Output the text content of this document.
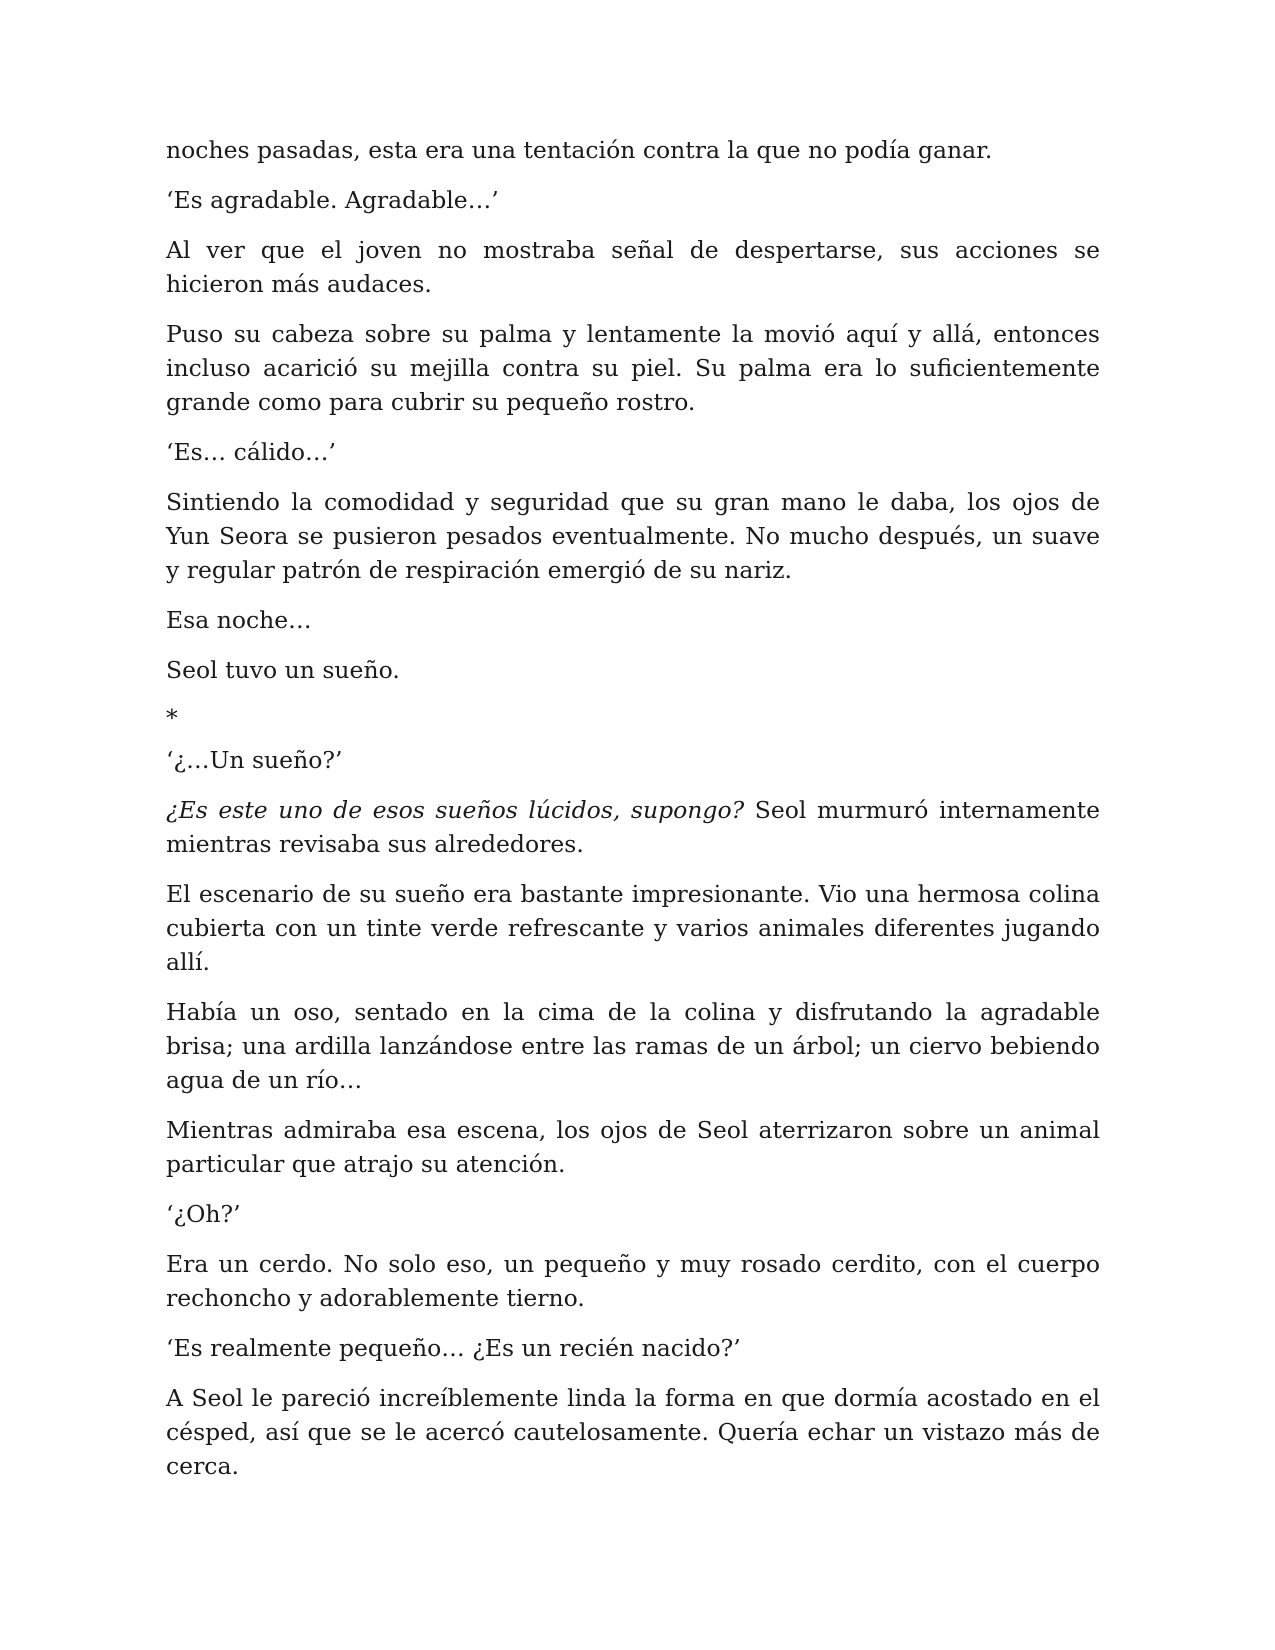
noches pasadas, esta era una tentación contra la que no podía ganar.

‘Es agradable. Agradable…’

Al ver que el joven no mostraba señal de despertarse, sus acciones se hicieron más audaces.

Puso su cabeza sobre su palma y lentamente la movió aquí y allá, entonces incluso acarició su mejilla contra su piel. Su palma era lo suficientemente grande como para cubrir su pequeño rostro.

‘Es… cálido…’

Sintiendo la comodidad y seguridad que su gran mano le daba, los ojos de Yun Seora se pusieron pesados eventualmente. No mucho después, un suave y regular patrón de respiración emergió de su nariz.

Esa noche…

Seol tuvo un sueño.

*

‘¿…Un sueño?’

¿Es este uno de esos sueños lúcidos, supongo? Seol murmuró internamente mientras revisaba sus alrededores.

El escenario de su sueño era bastante impresionante. Vio una hermosa colina cubierta con un tinte verde refrescante y varios animales diferentes jugando allí.

Había un oso, sentado en la cima de la colina y disfrutando la agradable brisa; una ardilla lanzándose entre las ramas de un árbol; un ciervo bebiendo agua de un río…

Mientras admiraba esa escena, los ojos de Seol aterrizaron sobre un animal particular que atrajo su atención.

‘¿Oh?’

Era un cerdo. No solo eso, un pequeño y muy rosado cerdito, con el cuerpo rechoncho y adorablemente tierno.

‘Es realmente pequeño… ¿Es un recién nacido?’

A Seol le pareció increíblemente linda la forma en que dormía acostado en el césped, así que se le acercó cautelosamente. Quería echar un vistazo más de cerca.
